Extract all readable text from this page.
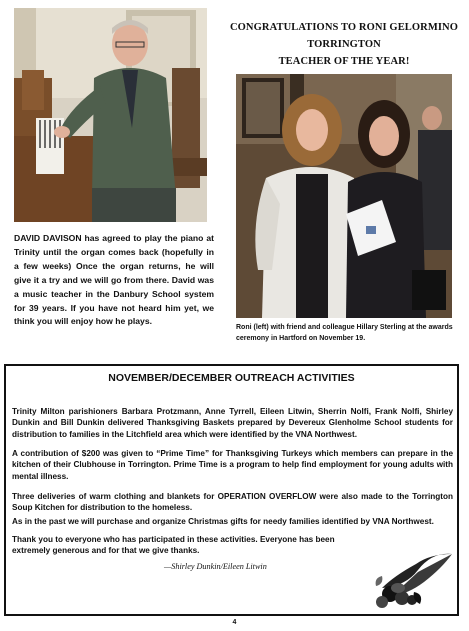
CONGRATULATIONS TO RONI GELORMINO
TORRINGTON
TEACHER OF THE YEAR!
DAVID DAVISON has agreed to play the piano at Trinity until the organ comes back (hopefully in a few weeks) Once the organ returns, he will give it a try and we will go from there. David was a music teacher in the Danbury School system for 39 years. If you have not heard him yet, we think you will enjoy how he plays.
Roni (left) with friend and colleague Hillary Sterling at the awards ceremony in Hartford on November 19.
NOVEMBER/DECEMBER OUTREACH ACTIVITIES
Trinity Milton parishioners Barbara Protzmann, Anne Tyrrell, Eileen Litwin, Sherrin Nolfi, Frank Nolfi, Shirley Dunkin and Bill Dunkin delivered Thanksgiving Baskets prepared by Devereux Glenholme School students for distribution to families in the Litchfield area which were identified by the VNA Northwest.
A contribution of $200 was given to “Prime Time” for Thanksgiving Turkeys which members can prepare in the kitchen of their Clubhouse in Torrington. Prime Time is a program to help find employment for young adults with mental illness.
Three deliveries of warm clothing and blankets for OPERATION OVERFLOW were also made to the Torrington Soup Kitchen for distribution to the homeless.
As in the past we will purchase and organize Christmas gifts for needy families identified by VNA Northwest.
Thank you to everyone who has participated in these activities. Everyone has been extremely generous and for that we give thanks.
—Shirley Dunkin/Eileen Litwin
4
